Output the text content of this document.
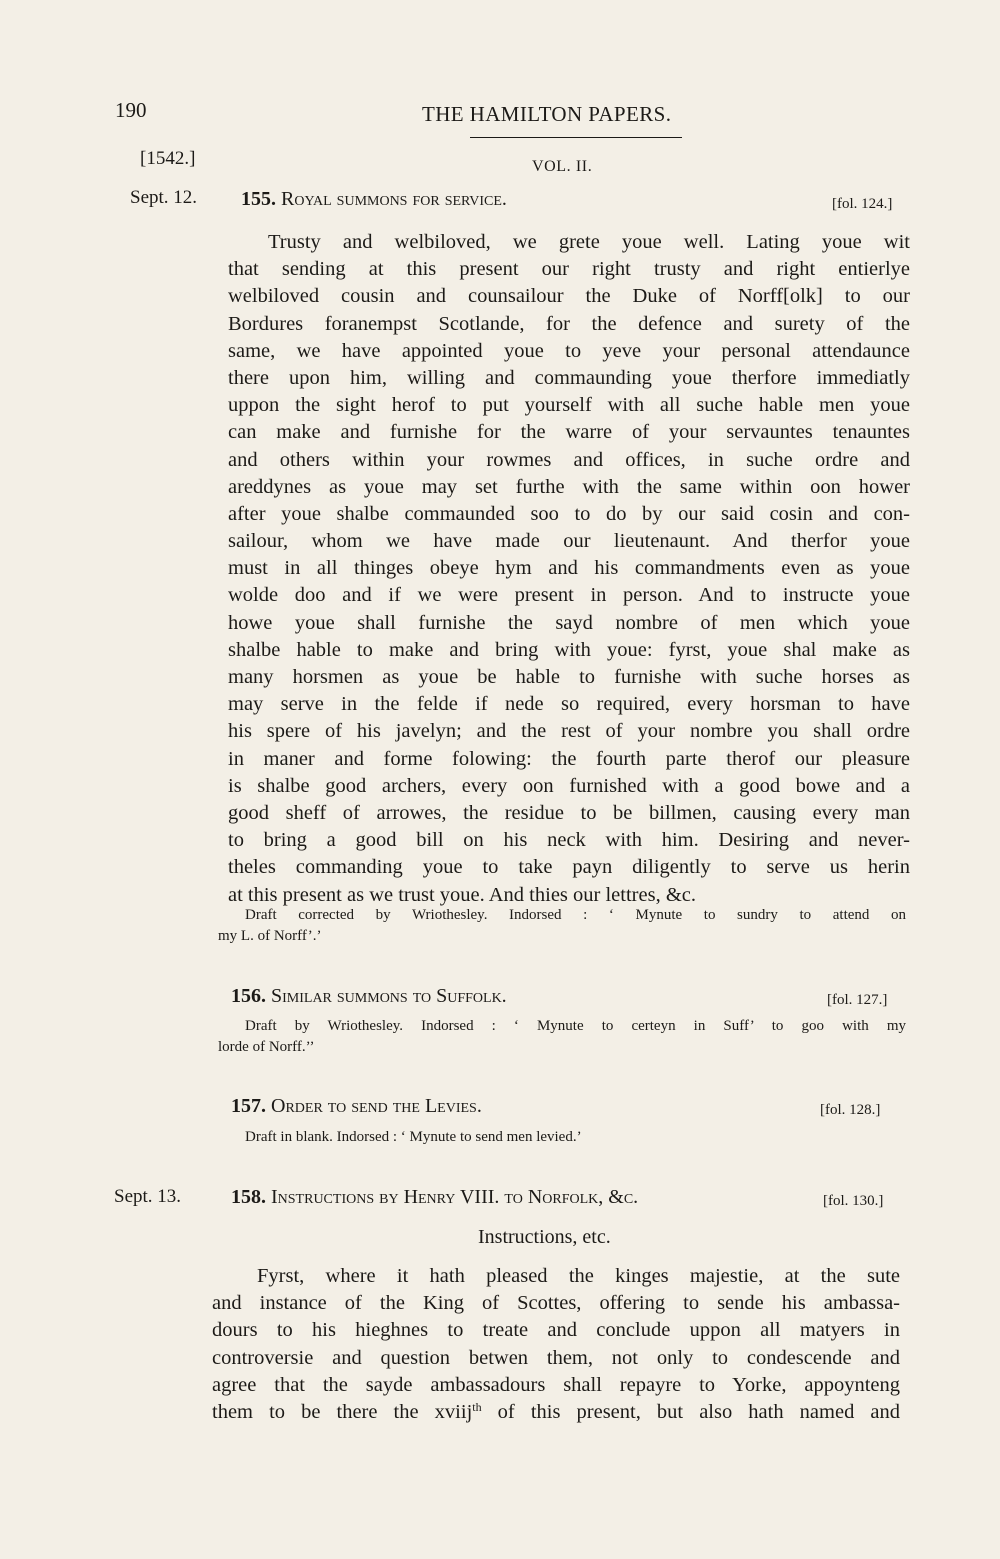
190	THE HAMILTON PAPERS.
[1542.]	VOL. II.
Sept. 12. 155. Royal summons for service.	[fol. 124.]
Trusty and welbiloved, we grete youe well. Lating youe wit
that sending at this present our right trusty and right entierlye
welbiloved cousin and counsailour the Duke of Norff[olk] to our
Bordures foranempst Scotlande, for the defence and surety of the
same, we have appointed youe to yeve your personal attendaunce
there upon him, willing and commaunding youe therfore immediatly
uppon the sight herof to put yourself with all suche hable men youe
can make and furnishe for the warre of your servauntes tenauntes
and others within your rowmes and offices, in suche ordre and
areddynes as youe may set furthe with the same within oon hower
after youe shalbe commaunded soo to do by our said cosin and con-
sailour, whom we have made our lieutenaunt. And therfor youe
must in all thinges obeye hym and his commandments even as youe
wolde doo and if we were present in person. And to instructe youe
howe youe shall furnishe the sayd nombre of men which youe
shalbe hable to make and bring with youe: fyrst, youe shal make as
many horsmen as youe be hable to furnishe with suche horses as
may serve in the felde if nede so required, every horsman to have
his spere of his javelyn; and the rest of your nombre you shall ordre
in maner and forme folowing: the fourth parte therof our pleasure
is shalbe good archers, every oon furnished with a good bowe and a
good sheff of arrowes, the residue to be billmen, causing every man
to bring a good bill on his neck with him. Desiring and never-
theles commanding youe to take payn diligently to serve us herin
at this present as we trust youe. And thies our lettres, &c.
Draft corrected by Wriothesley. Indorsed : ‘ Mynute to sundry to attend on
my L. of Norff’.’
156. Similar summons to Suffolk.	[fol. 127.]
Draft by Wriothesley. Indorsed : ‘ Mynute to certeyn in Suff’ to goo with my
lorde of Norff.’’
157. Order to send the Levies.	[fol. 128.]
Draft in blank. Indorsed : ‘ Mynute to send men levied.’
Sept. 13. 158. Instructions by Henry VIII. to Norfolk, &c.	[fol. 130.]
Instructions, etc.
Fyrst, where it hath pleased the kinges majestie, at the sute
and instance of the King of Scottes, offering to sende his ambassa-
dours to his hieghnes to treate and conclude uppon all matyers in
controversie and question betwen them, not only to condescende and
agree that the sayde ambassadours shall repayre to Yorke, appoynteng
them to be there the xviij$^{th}$ of this present, but also hath named and
